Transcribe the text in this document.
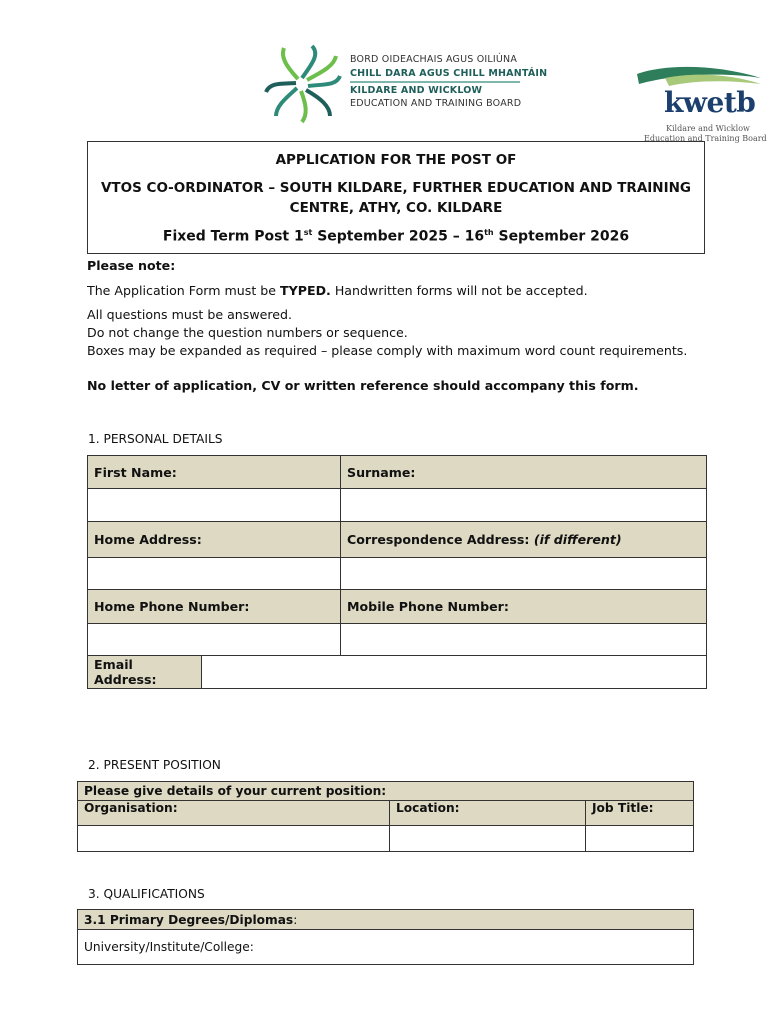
BORD OIDEACHAIS AGUS OILIÚNA
CHILL DARA AGUS CHILL MHANTÁIN
KILDARE AND WICKLOW
EDUCATION AND TRAINING BOARD	kwetb
Kildare and Wicklow
Education and Training Board
APPLICATION FOR THE POST OF
VTOS CO-ORDINATOR – SOUTH KILDARE, FURTHER EDUCATION AND TRAINING
CENTRE, ATHY, CO. KILDARE
Fixed Term Post 1st September 2025 – 16th September 2026
Please note:
The Application Form must be TYPED. Handwritten forms will not be accepted.
All questions must be answered.
Do not change the question numbers or sequence.
Boxes may be expanded as required – please comply with maximum word count requirements.
No letter of application, CV or written reference should accompany this form.
1. PERSONAL DETAILS
First Name:	Surname:

Home Address:	Correspondence Address: (if different)

Home Phone Number:	Mobile Phone Number:

Email Address:	
2. PRESENT POSITION
Please give details of your current position:		
Organisation:	Location:	Job Title:

3. QUALIFICATIONS
3.1 Primary Degrees/Diplomas:
University/Institute/College:
